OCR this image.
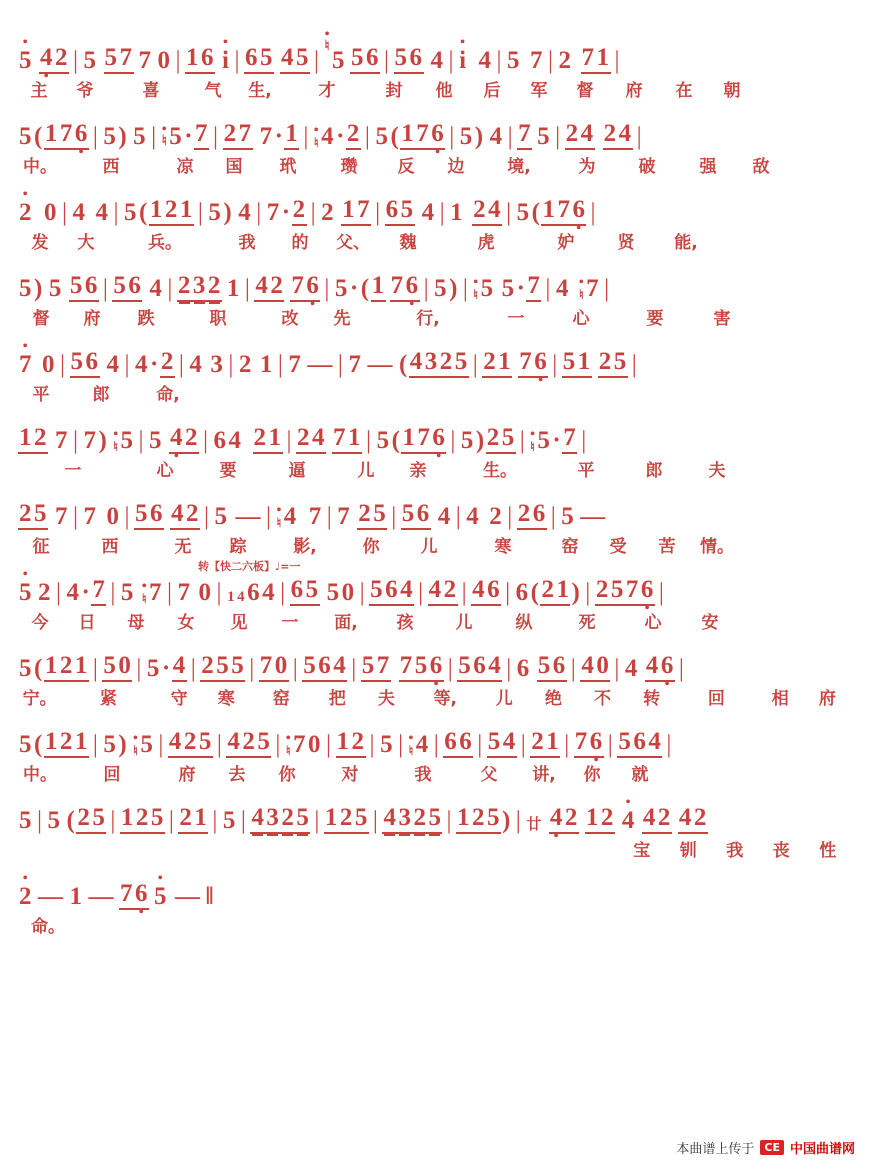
• 5 4 • 2 | 5 5 7 7 0 | 1 6 • i | 6 5 4 5 |
• ♮
5 5 6 | 5 6 4 | • i 4 | 5 7 | 2 7 1 |
主	爷	喜	气	生,	才	封	他	后	军	督	府	在	朝
5 ( 1 7 6 • | 5 ) 5 | • ♮ 5 · 7 | 2 7 7 · 1 | • ♮ 4 · 2 | 5 ( 1 7 6 • | 5 ) 4 | 7 5 | 2 4 2 4 |
中。	西	凉	国	玳	瓒	反	边	境,	为	破	强	敌
• 2 0 | 4 4 | 5 ( 1 2 1 | 5 ) 4 | 7 · 2 | 2 1 7 | 6 5 4 | 1 2 4 | 5 ( 1 7 6 • |
发	大	兵。	我	的	父、	魏	虎	妒	贤	能,
5 ) 5 5 6 | 5 6 4 | 2 3 2 1 | 4 2 7 6 • | 5 · ( 1 7 6 • | 5 ) | • ♮ 5 5 · 7 | 4 • ♮ 7 |
督	府	跌	职	改	先	行,	一	心	要	害
• 7 0 | 5 6 4 | 4 · 2 | 4 3 | 2 1 | 7 — | 7 — ( 4 3 2 5 | 2 1 7 6 • | 5 1 2 5 |
平	郎	命,
1 2 7 | 7 ) • ♮ 5 | 5 4 • 2 | 6 4 2 1 | 2 4 7 1 | 5 ( 1 7 6 • | 5 ) 2 5 | • ♮ 5 · 7 |
一	心	要	逼	儿	亲	生。	平	郎	夫
2 5 7 | 7 0 | 5 6 4 2 | 5 — | • ♮ 4 7 | 7 2 5 | 5 6 4 | 4 2 | 2 6 | 5 —
征	西	无	踪	影,	你	儿	寒	窑	受	苦	情。
转【快二六板】♩=一
• 5 2 | 4 · 7 | 5 • ♮ 7 | 7 0 | 1 4 6 4 | 6 5 5 0 | 5 6 4 | 4 2 | 4 6 | 6 ( 2 1 ) | 2 5 7 6 • |
今	日	母	女	见	一	面,	孩	儿	纵	死	心	安
5 ( 1 2 1 | 5 0 | 5 · 4 | 2 5 5 | 7 0 | 5 6 4 | 5 7 7 5 6 • | 5 6 4 | 6 5 6 | 4 0 | 4 4 6 • |
宁。	紧	守	寒	窑	把	夫	等,	儿	绝	不	转	回	相	府
5 ( 1 2 1 | 5 ) • ♮ 5 | 4 2 5 | 4 2 5 | • ♮ 7 0 | 1 2 | 5 | • ♮ 4 | 6 6 | 5 4 | 2 1 | 7 6 • | 5 6 4 |
中。	回	府	去	你	对	我	父	讲,	你	就
5 | 5 ( 2 5 | 1 2 5 | 2 1 | 5 | 4 3 2 5 | 1 2 5 | 4 3 2 5 | 1 2 5 ) | 廿 4 • 2 1 2 • 4 4 2 4 2
宝	钏	我	丧	性
• 2 — 1 — 7 6 • • 5 — ‖
命。
本曲谱上传于 CE 中国曲谱网
